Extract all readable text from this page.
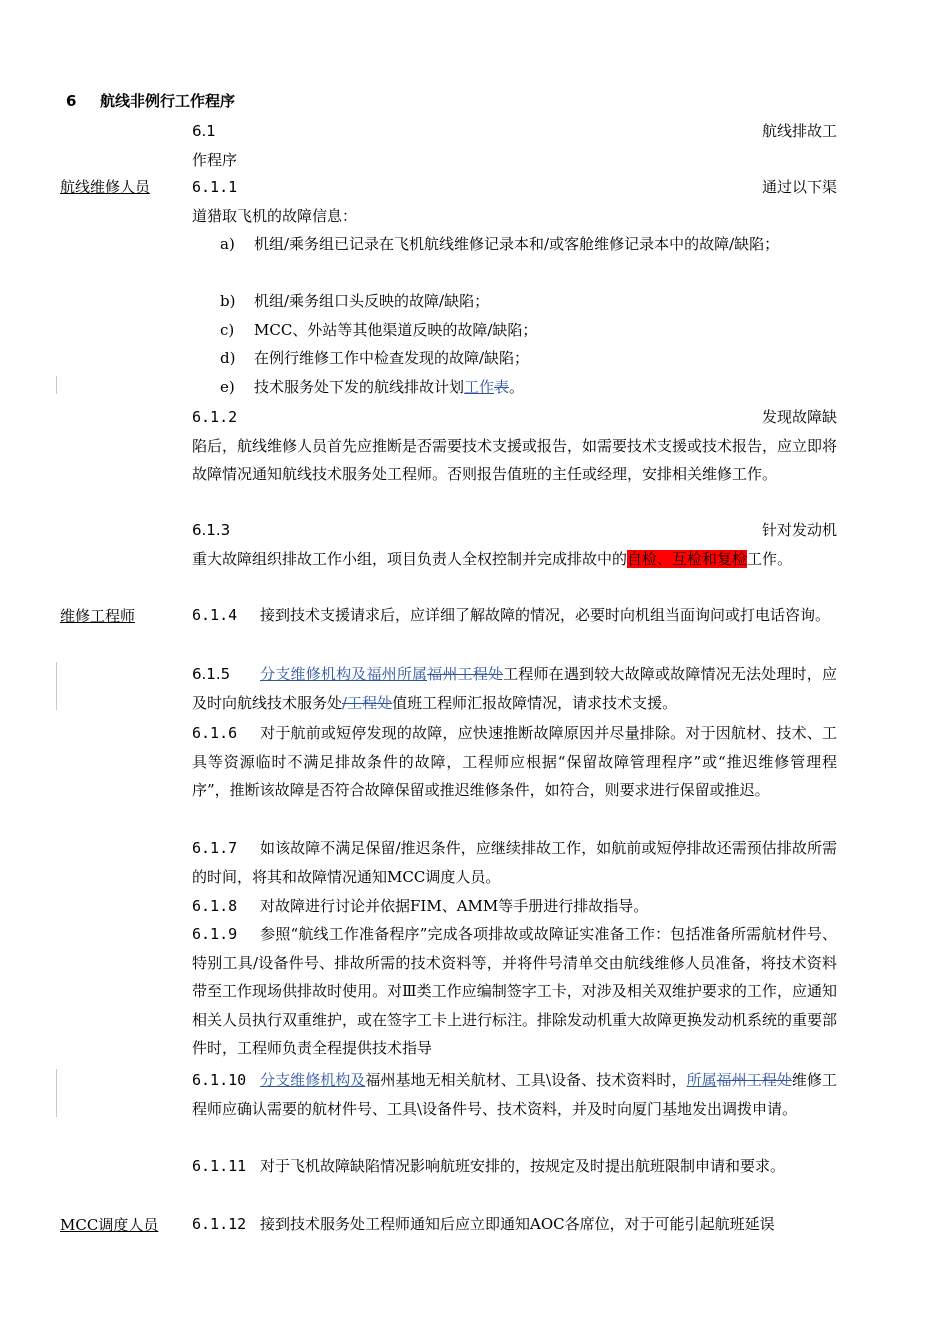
6 航线非例行工作程序
6.1	航线排故工
作程序
航线维修人员	6.1.1	通过以下渠
道猎取飞机的故障信息：
a) 机组/乘务组已记录在飞机航线维修记录本和/或客舱维修记录本中的故障/缺陷；
b) 机组/乘务组口头反映的故障/缺陷；
c) MCC、外站等其他渠道反映的故障/缺陷；
d) 在例行维修工作中检查发现的故障/缺陷；
e) 技术服务处下发的航线排故计划工作表。
6.1.2	发现故障缺
陷后，航线维修人员首先应推断是否需要技术支援或报告，如需要技术支援或技术报告，应立即将故障情况通知航线技术服务处工程师。否则报告值班的主任或经理，安排相关维修工作。
6.1.3	针对发动机
重大故障组织排故工作小组，项目负责人全权控制并完成排故中的自检、互检和复检工作。
维修工程师	6.1.4 接到技术支援请求后，应详细了解故障的情况，必要时向机组当面询问或打电话咨询。
6.1.5 分支维修机构及福州所属福州工程处工程师在遇到较大故障或故障情况无法处理时，应及时向航线技术服务处/工程处值班工程师汇报故障情况，请求技术支援。
6.1.6 对于航前或短停发现的故障，应快速推断故障原因并尽量排除。对于因航材、技术、工具等资源临时不满足排故条件的故障，工程师应根据“保留故障管理程序”或“推迟维修管理程序”，推断该故障是否符合故障保留或推迟维修条件，如符合，则要求进行保留或推迟。
6.1.7 如该故障不满足保留/推迟条件，应继续排故工作，如航前或短停排故还需预估排故所需的时间，将其和故障情况通知MCC调度人员。
6.1.8 对故障进行讨论并依据FIM、AMM等手册进行排故指导。
6.1.9 参照“航线工作准备程序”完成各项排故或故障证实准备工作：包括准备所需航材件号、特别工具/设备件号、排故所需的技术资料等，并将件号清单交由航线维修人员准备，将技术资料带至工作现场供排故时使用。对Ⅲ类工作应编制签字工卡，对涉及相关双维护要求的工作，应通知相关人员执行双重维护，或在签字工卡上进行标注。排除发动机重大故障更换发动机系统的重要部件时，工程师负责全程提供技术指导
6.1.10 分支维修机构及福州基地无相关航材、工具\设备、技术资料时，所属福州工程处维修工程师应确认需要的航材件号、工具\设备件号、技术资料，并及时向厦门基地发出调拨申请。
6.1.11 对于飞机故障缺陷情况影响航班安排的，按规定及时提出航班限制申请和要求。
MCC调度人员 6.1.12 接到技术服务处工程师通知后应立即通知AOC各席位，对于可能引起航班延误
